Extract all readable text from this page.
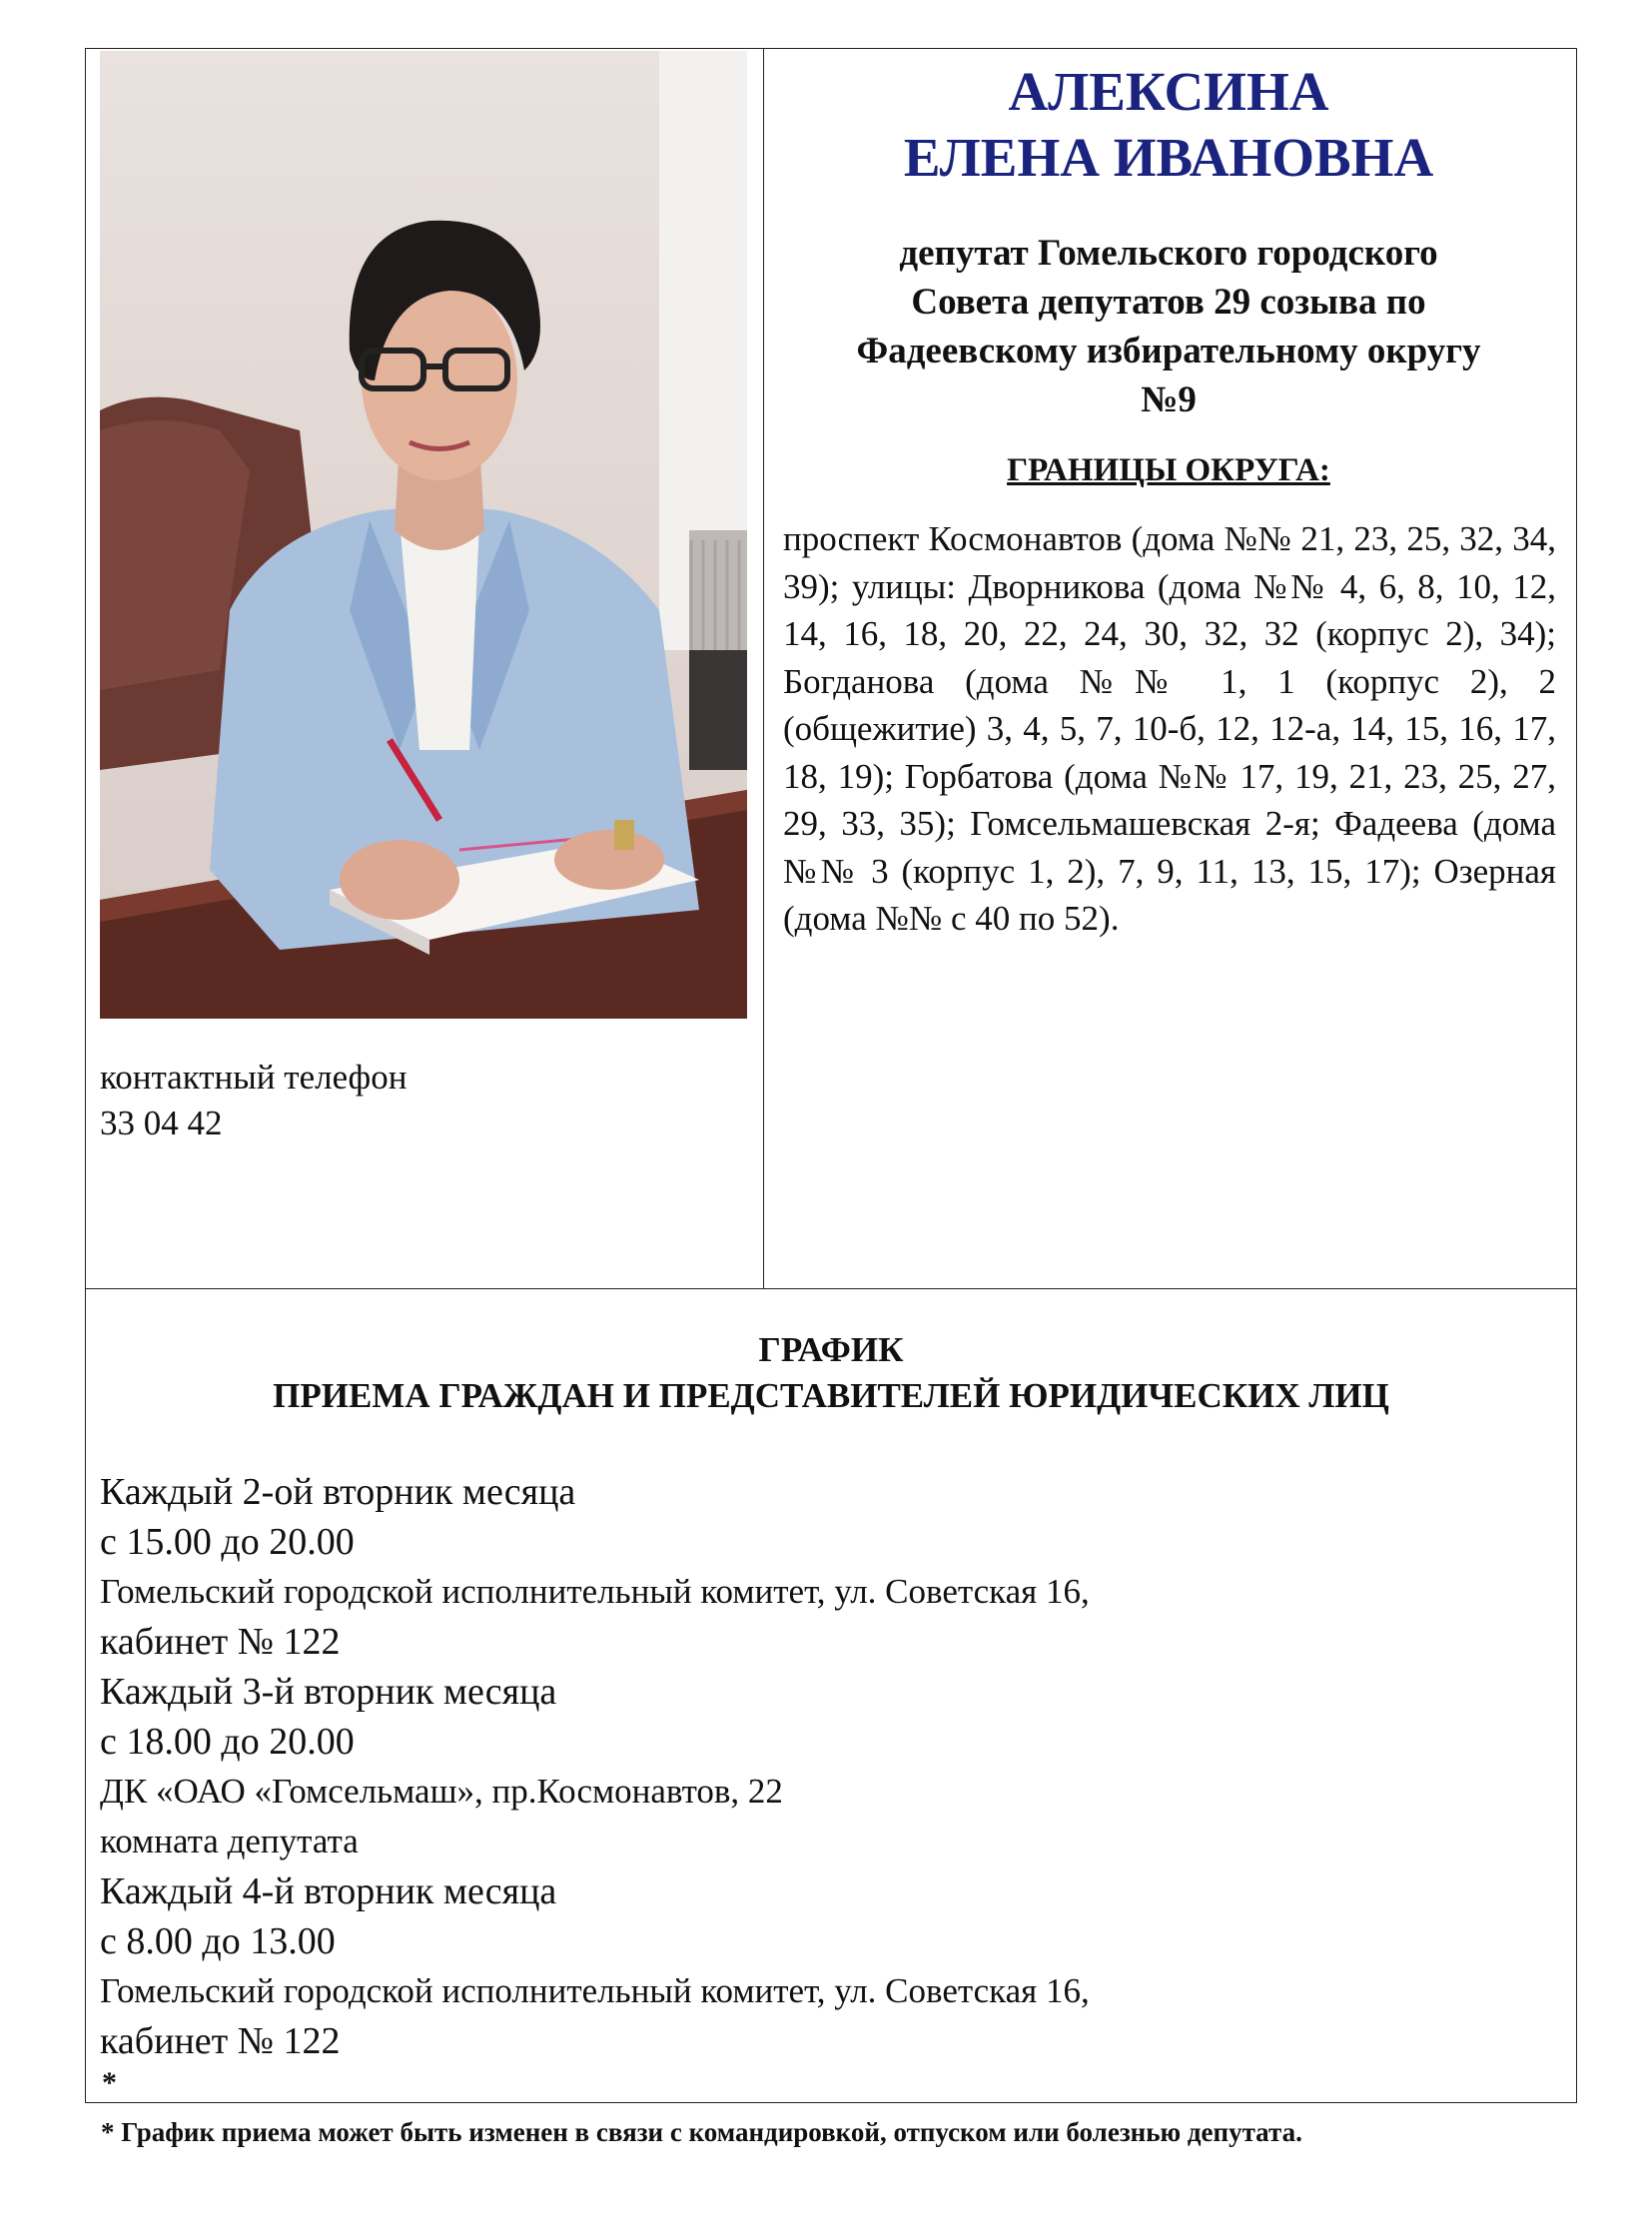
контактный телефон
33 04 42
АЛЕКСИНА
ЕЛЕНА ИВАНОВНА
депутат Гомельского городского
Совета депутатов 29 созыва по
Фадеевскому избирательному округу
№9
ГРАНИЦЫ ОКРУГА:
проспект Космонавтов (дома №№ 21, 23, 25, 32, 34, 39); улицы: Дворникова (дома №№ 4, 6, 8, 10, 12, 14, 16, 18, 20, 22, 24, 30, 32, 32 (корпус 2), 34); Богданова (дома №№ 1, 1 (корпус 2), 2 (общежитие) 3, 4, 5, 7, 10-б, 12, 12-а, 14, 15, 16, 17, 18, 19); Горбатова (дома №№ 17, 19, 21, 23, 25, 27, 29, 33, 35); Гомсельмашевская 2-я; Фадеева (дома №№ 3 (корпус 1, 2), 7, 9, 11, 13, 15, 17); Озерная (дома №№ с 40 по 52).
ГРАФИК
ПРИЕМА ГРАЖДАН И ПРЕДСТАВИТЕЛЕЙ ЮРИДИЧЕСКИХ ЛИЦ
Каждый 2-ой вторник месяца
с 15.00 до 20.00
Гомельский городской исполнительный комитет, ул. Советская 16,
кабинет № 122
Каждый 3-й вторник месяца
с 18.00 до 20.00
ДК «ОАО «Гомсельмаш», пр.Космонавтов, 22
комната депутата
Каждый 4-й вторник месяца
с 8.00 до 13.00
Гомельский городской исполнительный комитет, ул. Советская 16,
кабинет № 122
*
* График приема может быть изменен в связи с командировкой, отпуском или болезнью депутата.
